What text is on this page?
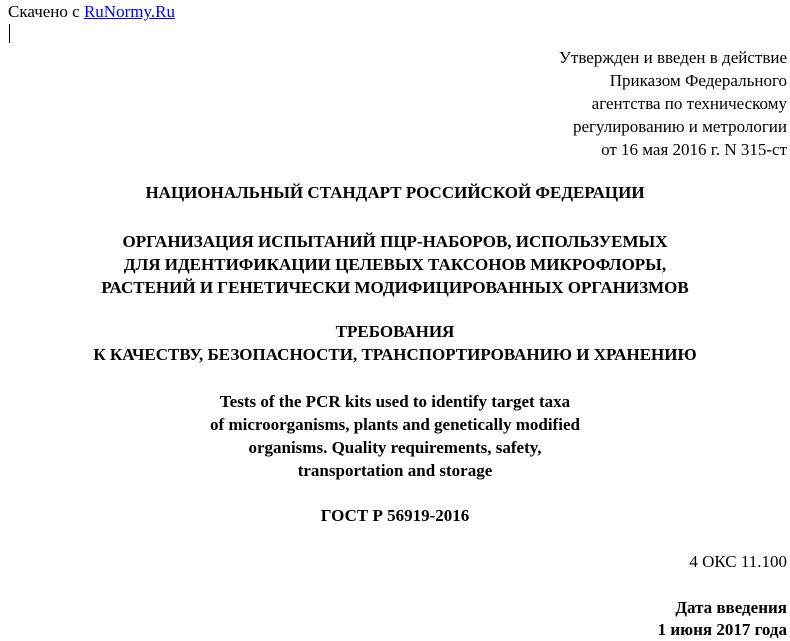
Скачено с RuNormy.Ru
Утвержден и введен в действие
Приказом Федерального
агентства по техническому
регулированию и метрологии
от 16 мая 2016 г. N 315-ст
НАЦИОНАЛЬНЫЙ СТАНДАРТ РОССИЙСКОЙ ФЕДЕРАЦИИ
ОРГАНИЗАЦИЯ ИСПЫТАНИЙ ПЦР-НАБОРОВ, ИСПОЛЬЗУЕМЫХ
ДЛЯ ИДЕНТИФИКАЦИИ ЦЕЛЕВЫХ ТАКСОНОВ МИКРОФЛОРЫ,
РАСТЕНИЙ И ГЕНЕТИЧЕСКИ МОДИФИЦИРОВАННЫХ ОРГАНИЗМОВ
ТРЕБОВАНИЯ
К КАЧЕСТВУ, БЕЗОПАСНОСТИ, ТРАНСПОРТИРОВАНИЮ И ХРАНЕНИЮ
Tests of the PCR kits used to identify target taxa
of microorganisms, plants and genetically modified
organisms. Quality requirements, safety,
transportation and storage
ГОСТ Р 56919-2016
4 ОКС 11.100
Дата введения
1 июня 2017 года
